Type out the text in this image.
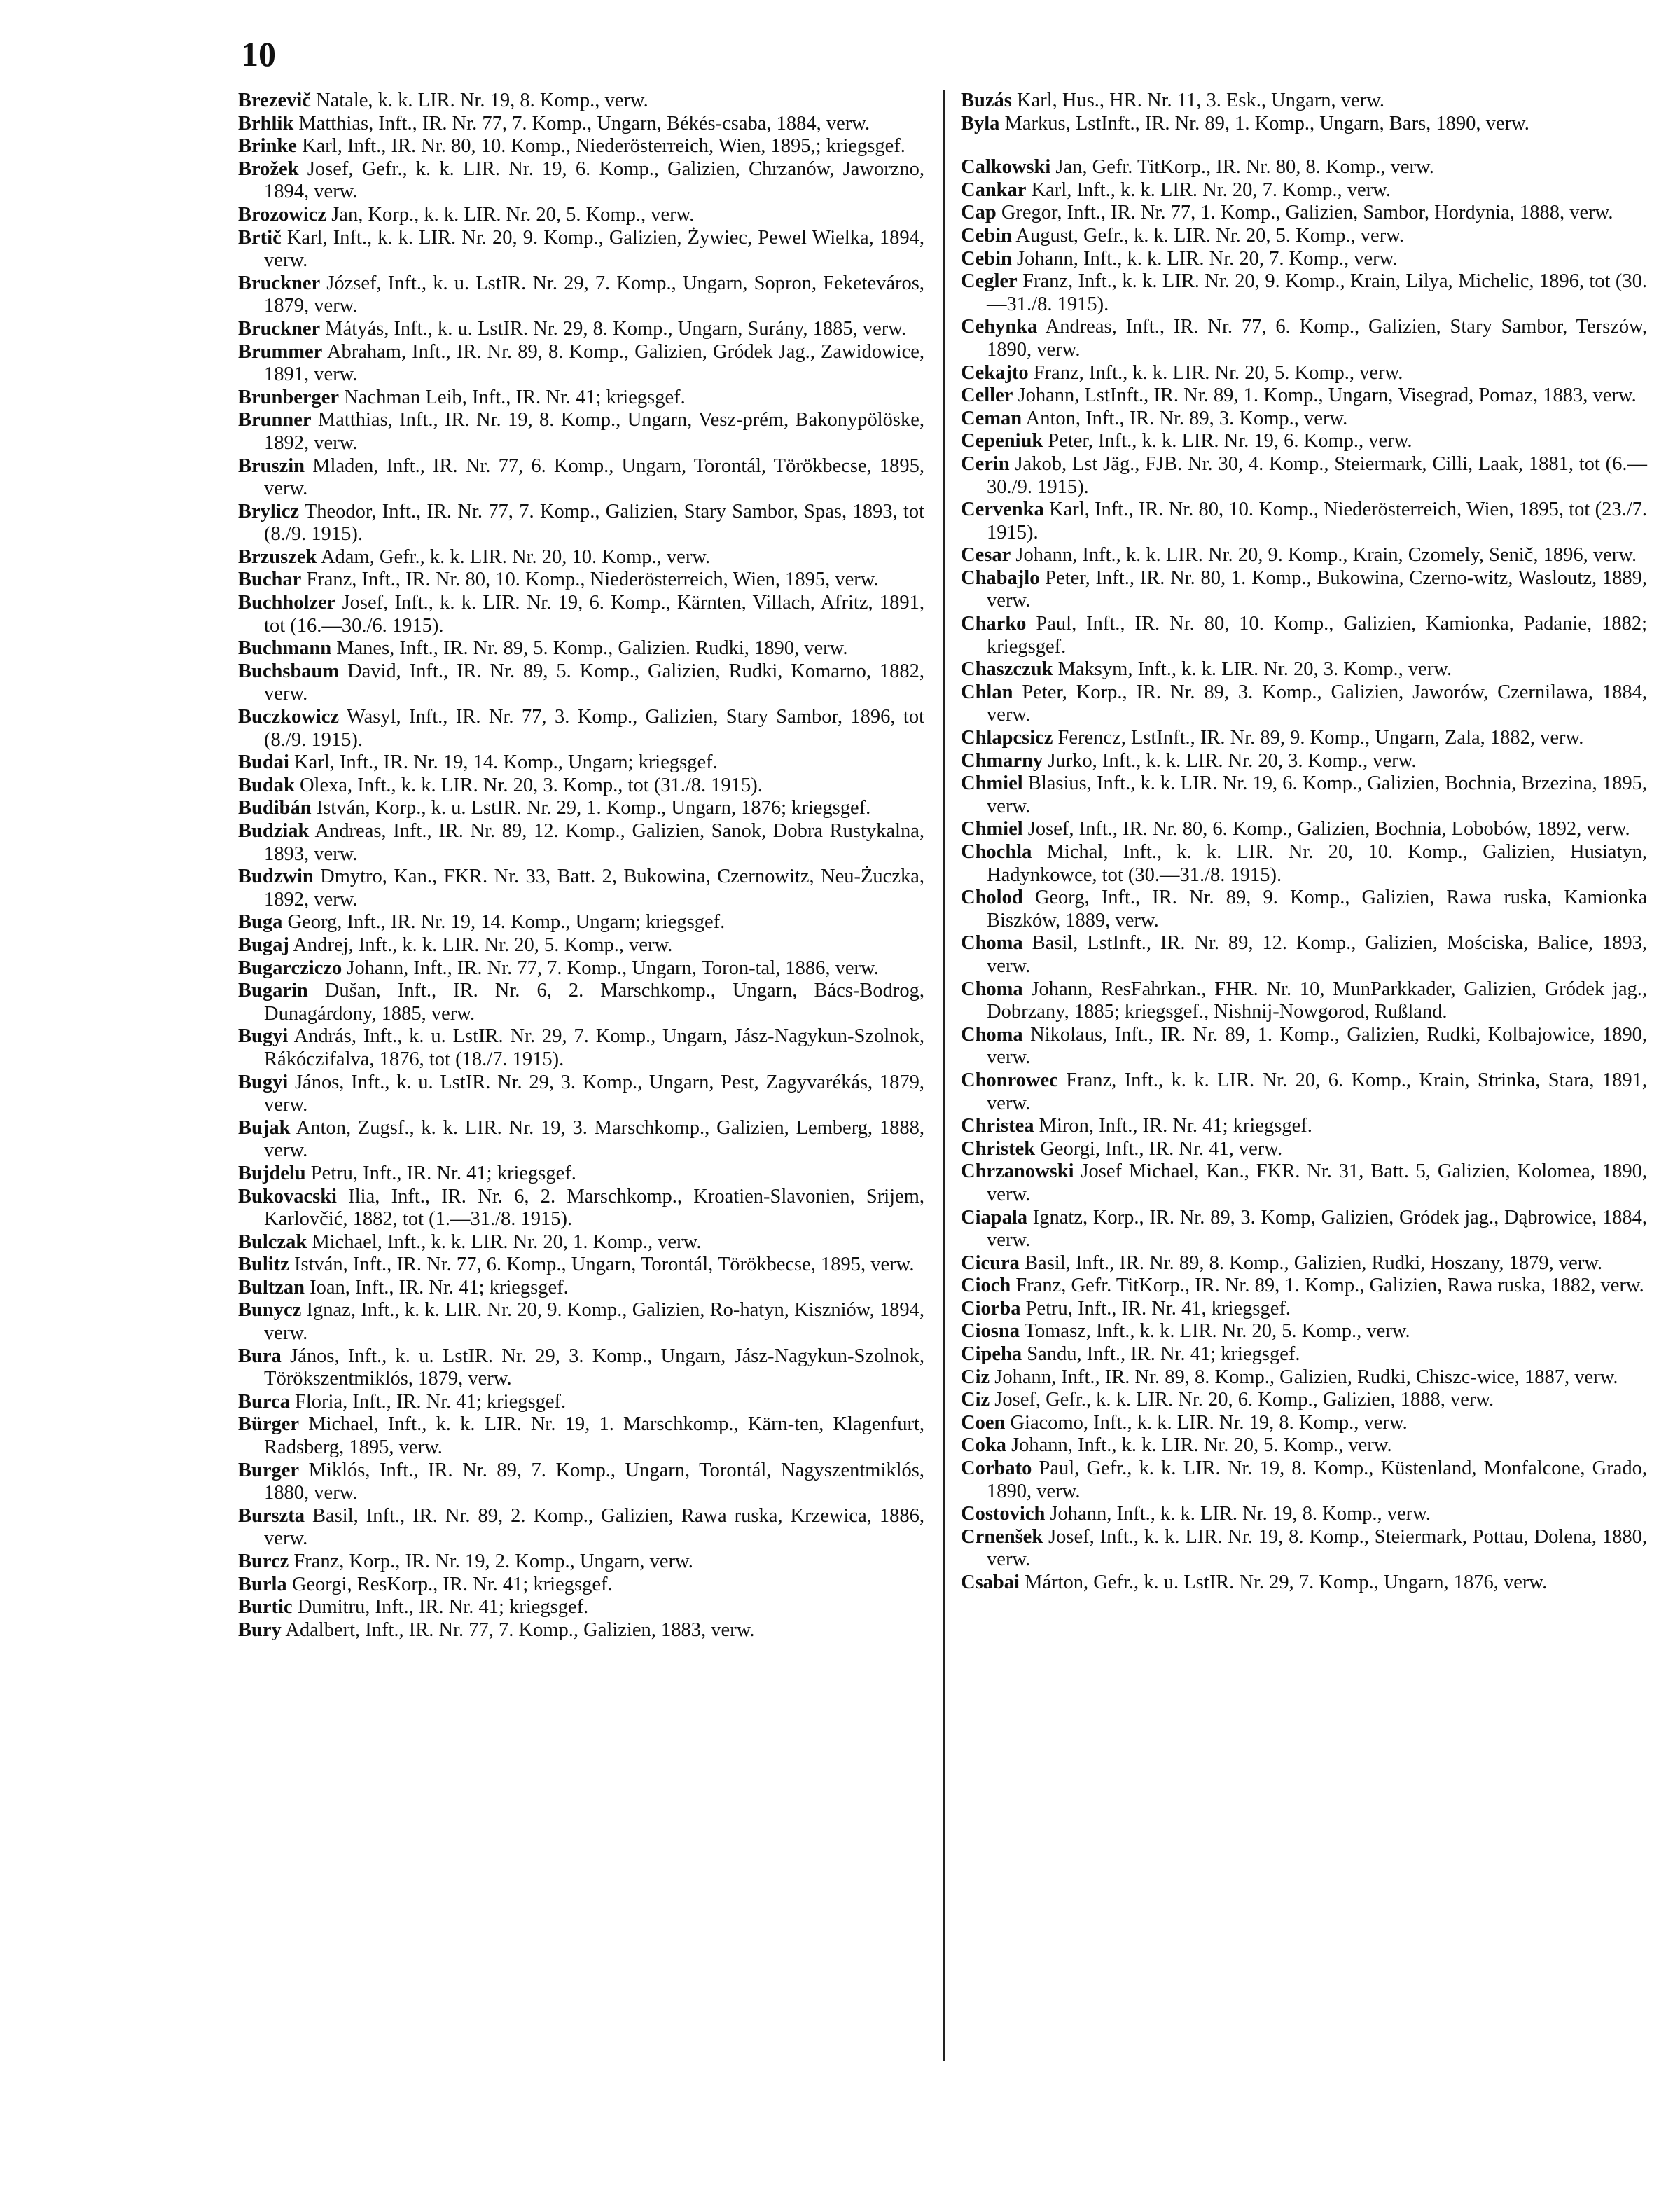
10

Brezevič Natale, k. k. LIR. Nr. 19, 8. Komp., verw.

Brhlik Matthias, Inft., IR. Nr. 77, 7. Komp., Ungarn, Békés-csaba, 1884, verw.

Brinke Karl, Inft., IR. Nr. 80, 10. Komp., Niederösterreich, Wien, 1895,; kriegsgef.

Brožek Josef, Gefr., k. k. LIR. Nr. 19, 6. Komp., Galizien, Chrzanów, Jaworzno, 1894, verw.

Brozowicz Jan, Korp., k. k. LIR. Nr. 20, 5. Komp., verw.

Brtič Karl, Inft., k. k. LIR. Nr. 20, 9. Komp., Galizien, Żywiec, Pewel Wielka, 1894, verw.

Bruckner József, Inft., k. u. LstIR. Nr. 29, 7. Komp., Ungarn, Sopron, Feketeváros, 1879, verw.

Bruckner Mátyás, Inft., k. u. LstIR. Nr. 29, 8. Komp., Ungarn, Surány, 1885, verw.

Brummer Abraham, Inft., IR. Nr. 89, 8. Komp., Galizien, Gródek Jag., Zawidowice, 1891, verw.

Brunberger Nachman Leib, Inft., IR. Nr. 41; kriegsgef.

Brunner Matthias, Inft., IR. Nr. 19, 8. Komp., Ungarn, Vesz-prém, Bakonypölöske, 1892, verw.

Bruszin Mladen, Inft., IR. Nr. 77, 6. Komp., Ungarn, Torontál, Törökbecse, 1895, verw.

Brylicz Theodor, Inft., IR. Nr. 77, 7. Komp., Galizien, Stary Sambor, Spas, 1893, tot (8./9. 1915).

Brzuszek Adam, Gefr., k. k. LIR. Nr. 20, 10. Komp., verw.

Buchar Franz, Inft., IR. Nr. 80, 10. Komp., Niederösterreich, Wien, 1895, verw.

Buchholzer Josef, Inft., k. k. LIR. Nr. 19, 6. Komp., Kärnten, Villach, Afritz, 1891, tot (16.—30./6. 1915).

Buchmann Manes, Inft., IR. Nr. 89, 5. Komp., Galizien. Rudki, 1890, verw.

Buchsbaum David, Inft., IR. Nr. 89, 5. Komp., Galizien, Rudki, Komarno, 1882, verw.

Buczkowicz Wasyl, Inft., IR. Nr. 77, 3. Komp., Galizien, Stary Sambor, 1896, tot (8./9. 1915).

Budai Karl, Inft., IR. Nr. 19, 14. Komp., Ungarn; kriegsgef.

Budak Olexa, Inft., k. k. LIR. Nr. 20, 3. Komp., tot (31./8. 1915).

Budibán István, Korp., k. u. LstIR. Nr. 29, 1. Komp., Ungarn, 1876; kriegsgef.

Budziak Andreas, Inft., IR. Nr. 89, 12. Komp., Galizien, Sanok, Dobra Rustykalna, 1893, verw.

Budzwin Dmytro, Kan., FKR. Nr. 33, Batt. 2, Bukowina, Czernowitz, Neu-Żuczka, 1892, verw.

Buga Georg, Inft., IR. Nr. 19, 14. Komp., Ungarn; kriegsgef.

Bugaj Andrej, Inft., k. k. LIR. Nr. 20, 5. Komp., verw.

Bugarcziczo Johann, Inft., IR. Nr. 77, 7. Komp., Ungarn, Toron-tal, 1886, verw.

Bugarin Dušan, Inft., IR. Nr. 6, 2. Marschkomp., Ungarn, Bács-Bodrog, Dunagárdony, 1885, verw.

Bugyi András, Inft., k. u. LstIR. Nr. 29, 7. Komp., Ungarn, Jász-Nagykun-Szolnok, Rákóczifalva, 1876, tot (18./7. 1915).

Bugyi János, Inft., k. u. LstIR. Nr. 29, 3. Komp., Ungarn, Pest, Zagyvarékás, 1879, verw.

Bujak Anton, Zugsf., k. k. LIR. Nr. 19, 3. Marschkomp., Galizien, Lemberg, 1888, verw.

Bujdelu Petru, Inft., IR. Nr. 41; kriegsgef.

Bukovacski Ilia, Inft., IR. Nr. 6, 2. Marschkomp., Kroatien-Slavonien, Srijem, Karlovčić, 1882, tot (1.—31./8. 1915).

Bulczak Michael, Inft., k. k. LIR. Nr. 20, 1. Komp., verw.

Bulitz István, Inft., IR. Nr. 77, 6. Komp., Ungarn, Torontál, Törökbecse, 1895, verw.

Bultzan Ioan, Inft., IR. Nr. 41; kriegsgef.

Bunycz Ignaz, Inft., k. k. LIR. Nr. 20, 9. Komp., Galizien, Ro-hatyn, Kiszniów, 1894, verw.

Bura János, Inft., k. u. LstIR. Nr. 29, 3. Komp., Ungarn, Jász-Nagykun-Szolnok, Törökszentmiklós, 1879, verw.

Burca Floria, Inft., IR. Nr. 41; kriegsgef.

Bürger Michael, Inft., k. k. LIR. Nr. 19, 1. Marschkomp., Kärn-ten, Klagenfurt, Radsberg, 1895, verw.

Burger Miklós, Inft., IR. Nr. 89, 7. Komp., Ungarn, Torontál, Nagyszentmiklós, 1880, verw.

Burszta Basil, Inft., IR. Nr. 89, 2. Komp., Galizien, Rawa ruska, Krzewica, 1886, verw.

Burcz Franz, Korp., IR. Nr. 19, 2. Komp., Ungarn, verw.

Burla Georgi, ResKorp., IR. Nr. 41; kriegsgef.

Burtic Dumitru, Inft., IR. Nr. 41; kriegsgef.

Bury Adalbert, Inft., IR. Nr. 77, 7. Komp., Galizien, 1883, verw.

Buzás Karl, Hus., HR. Nr. 11, 3. Esk., Ungarn, verw.

Byla Markus, LstInft., IR. Nr. 89, 1. Komp., Ungarn, Bars, 1890, verw.

Calkowski Jan, Gefr. TitKorp., IR. Nr. 80, 8. Komp., verw.

Cankar Karl, Inft., k. k. LIR. Nr. 20, 7. Komp., verw.

Cap Gregor, Inft., IR. Nr. 77, 1. Komp., Galizien, Sambor, Hordynia, 1888, verw.

Cebin August, Gefr., k. k. LIR. Nr. 20, 5. Komp., verw.

Cebin Johann, Inft., k. k. LIR. Nr. 20, 7. Komp., verw.

Cegler Franz, Inft., k. k. LIR. Nr. 20, 9. Komp., Krain, Lilya, Michelic, 1896, tot (30.—31./8. 1915).

Cehynka Andreas, Inft., IR. Nr. 77, 6. Komp., Galizien, Stary Sambor, Terszów, 1890, verw.

Cekajto Franz, Inft., k. k. LIR. Nr. 20, 5. Komp., verw.

Celler Johann, LstInft., IR. Nr. 89, 1. Komp., Ungarn, Visegrad, Pomaz, 1883, verw.

Ceman Anton, Inft., IR. Nr. 89, 3. Komp., verw.

Cepeniuk Peter, Inft., k. k. LIR. Nr. 19, 6. Komp., verw.

Cerin Jakob, Lst Jäg., FJB. Nr. 30, 4. Komp., Steiermark, Cilli, Laak, 1881, tot (6.—30./9. 1915).

Cervenka Karl, Inft., IR. Nr. 80, 10. Komp., Niederösterreich, Wien, 1895, tot (23./7. 1915).

Cesar Johann, Inft., k. k. LIR. Nr. 20, 9. Komp., Krain, Czomely, Senič, 1896, verw.

Chabajlo Peter, Inft., IR. Nr. 80, 1. Komp., Bukowina, Czerno-witz, Wasloutz, 1889, verw.

Charko Paul, Inft., IR. Nr. 80, 10. Komp., Galizien, Kamionka, Padanie, 1882; kriegsgef.

Chaszczuk Maksym, Inft., k. k. LIR. Nr. 20, 3. Komp., verw.

Chlan Peter, Korp., IR. Nr. 89, 3. Komp., Galizien, Jaworów, Czernilawa, 1884, verw.

Chlapcsicz Ferencz, LstInft., IR. Nr. 89, 9. Komp., Ungarn, Zala, 1882, verw.

Chmarny Jurko, Inft., k. k. LIR. Nr. 20, 3. Komp., verw.

Chmiel Blasius, Inft., k. k. LIR. Nr. 19, 6. Komp., Galizien, Bochnia, Brzezina, 1895, verw.

Chmiel Josef, Inft., IR. Nr. 80, 6. Komp., Galizien, Bochnia, Lobobów, 1892, verw.

Chochla Michal, Inft., k. k. LIR. Nr. 20, 10. Komp., Galizien, Husiatyn, Hadynkowce, tot (30.—31./8. 1915).

Cholod Georg, Inft., IR. Nr. 89, 9. Komp., Galizien, Rawa ruska, Kamionka Biszków, 1889, verw.

Choma Basil, LstInft., IR. Nr. 89, 12. Komp., Galizien, Mościska, Balice, 1893, verw.

Choma Johann, ResFahrkan., FHR. Nr. 10, MunParkkader, Galizien, Gródek jag., Dobrzany, 1885; kriegsgef., Nishnij-Nowgorod, Rußland.

Choma Nikolaus, Inft., IR. Nr. 89, 1. Komp., Galizien, Rudki, Kolbajowice, 1890, verw.

Chonrowec Franz, Inft., k. k. LIR. Nr. 20, 6. Komp., Krain, Strinka, Stara, 1891, verw.

Christea Miron, Inft., IR. Nr. 41; kriegsgef.

Christek Georgi, Inft., IR. Nr. 41, verw.

Chrzanowski Josef Michael, Kan., FKR. Nr. 31, Batt. 5, Galizien, Kolomea, 1890, verw.

Ciapala Ignatz, Korp., IR. Nr. 89, 3. Komp, Galizien, Gródek jag., Dąbrowice, 1884, verw.

Cicura Basil, Inft., IR. Nr. 89, 8. Komp., Galizien, Rudki, Hoszany, 1879, verw.

Cioch Franz, Gefr. TitKorp., IR. Nr. 89, 1. Komp., Galizien, Rawa ruska, 1882, verw.

Ciorba Petru, Inft., IR. Nr. 41, kriegsgef.

Ciosna Tomasz, Inft., k. k. LIR. Nr. 20, 5. Komp., verw.

Cipeha Sandu, Inft., IR. Nr. 41; kriegsgef.

Ciz Johann, Inft., IR. Nr. 89, 8. Komp., Galizien, Rudki, Chiszc-wice, 1887, verw.

Ciz Josef, Gefr., k. k. LIR. Nr. 20, 6. Komp., Galizien, 1888, verw.

Coen Giacomo, Inft., k. k. LIR. Nr. 19, 8. Komp., verw.

Coka Johann, Inft., k. k. LIR. Nr. 20, 5. Komp., verw.

Corbato Paul, Gefr., k. k. LIR. Nr. 19, 8. Komp., Küstenland, Monfalcone, Grado, 1890, verw.

Costovich Johann, Inft., k. k. LIR. Nr. 19, 8. Komp., verw.

Crnenšek Josef, Inft., k. k. LIR. Nr. 19, 8. Komp., Steiermark, Pottau, Dolena, 1880, verw.

Csabai Márton, Gefr., k. u. LstIR. Nr. 29, 7. Komp., Ungarn, 1876, verw.
